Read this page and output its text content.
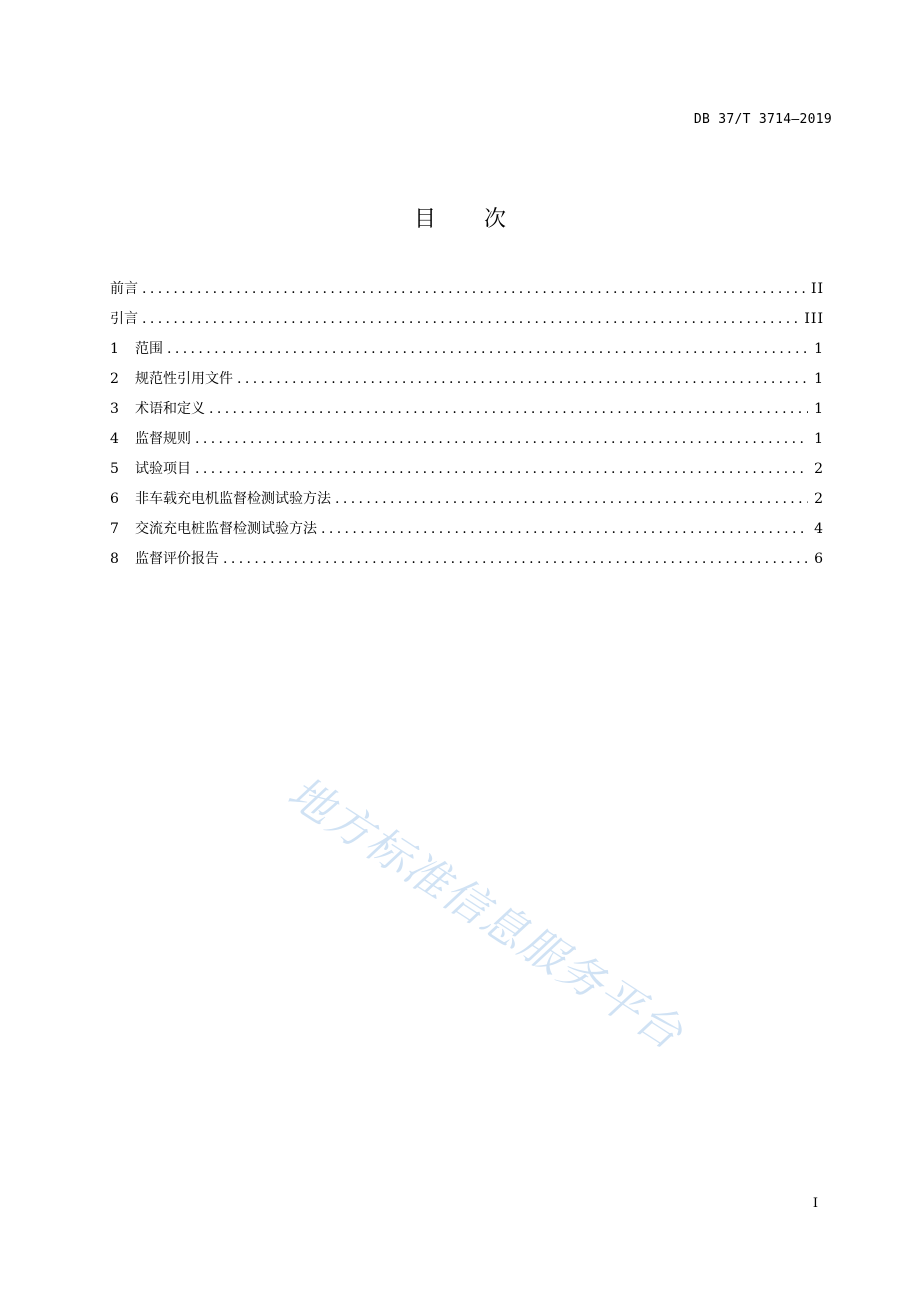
DB 37/T 3714—2019
目 次
前言 .....	II
引言 .....	III
1	范围 .....	1
2	规范性引用文件 .....	1
3	术语和定义 .....	1
4	监督规则 .....	1
5	试验项目 .....	2
6	非车载充电机监督检测试验方法 .....	2
7	交流充电桩监督检测试验方法 .....	4
8	监督评价报告 .....	6
地方标准信息服务平台
I
